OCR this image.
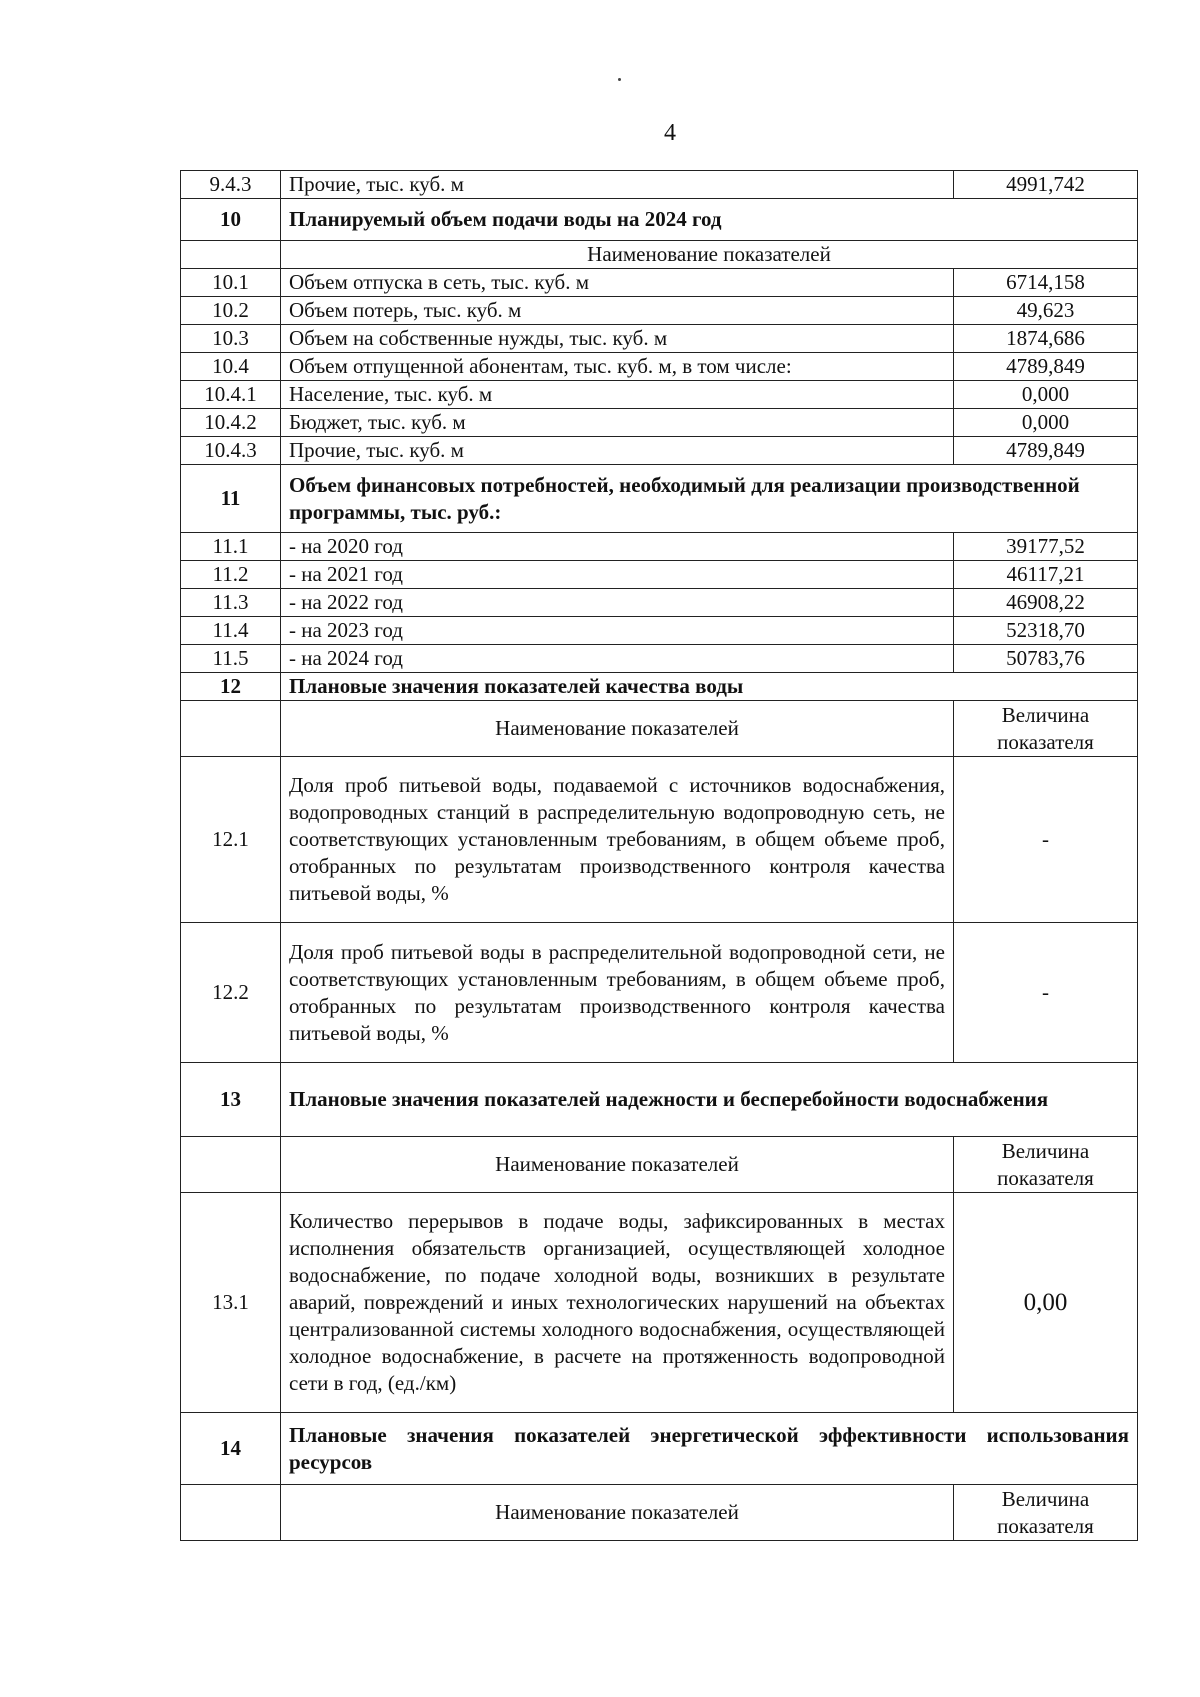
4
9.4.3	Прочие, тыс. куб. м	4991,742
10	Планируемый объем подачи воды на 2024 год	
	Наименование показателей	
10.1	Объем отпуска в сеть, тыс. куб. м	6714,158
10.2	Объем потерь, тыс. куб. м	49,623
10.3	Объем на собственные нужды, тыс. куб. м	1874,686
10.4	Объем отпущенной абонентам, тыс. куб. м, в том числе:	4789,849
10.4.1	Население, тыс. куб. м	0,000
10.4.2	Бюджет, тыс. куб. м	0,000
10.4.3	Прочие, тыс. куб. м	4789,849
11	Объем финансовых потребностей, необходимый для реализации производственной программы, тыс. руб.:	
11.1	- на 2020 год	39177,52
11.2	- на 2021 год	46117,21
11.3	- на 2022 год	46908,22
11.4	- на 2023 год	52318,70
11.5	- на 2024 год	50783,76
12	Плановые значения показателей качества воды	
	Наименование показателей	Величина показателя
12.1	Доля проб питьевой воды, подаваемой с источников водоснабжения, водопроводных станций в распределительную водопроводную сеть, не соответствующих установленным требованиям, в общем объеме проб, отобранных по результатам производственного контроля качества питьевой воды, %	-
12.2	Доля проб питьевой воды в распределительной водопроводной сети, не соответствующих установленным требованиям, в общем объеме проб, отобранных по результатам производственного контроля качества питьевой воды, %	-
13	Плановые значения показателей надежности и бесперебойности водоснабжения	
	Наименование показателей	Величина показателя
13.1	Количество перерывов в подаче воды, зафиксированных в местах исполнения обязательств организацией, осуществляющей холодное водоснабжение, по подаче холодной воды, возникших в результате аварий, повреждений и иных технологических нарушений на объектах централизованной системы холодного водоснабжения, осуществляющей холодное водоснабжение, в расчете на протяженность водопроводной сети в год, (ед./км)	0,00
14	Плановые значения показателей энергетической эффективности использования ресурсов	
	Наименование показателей	Величина показателя
